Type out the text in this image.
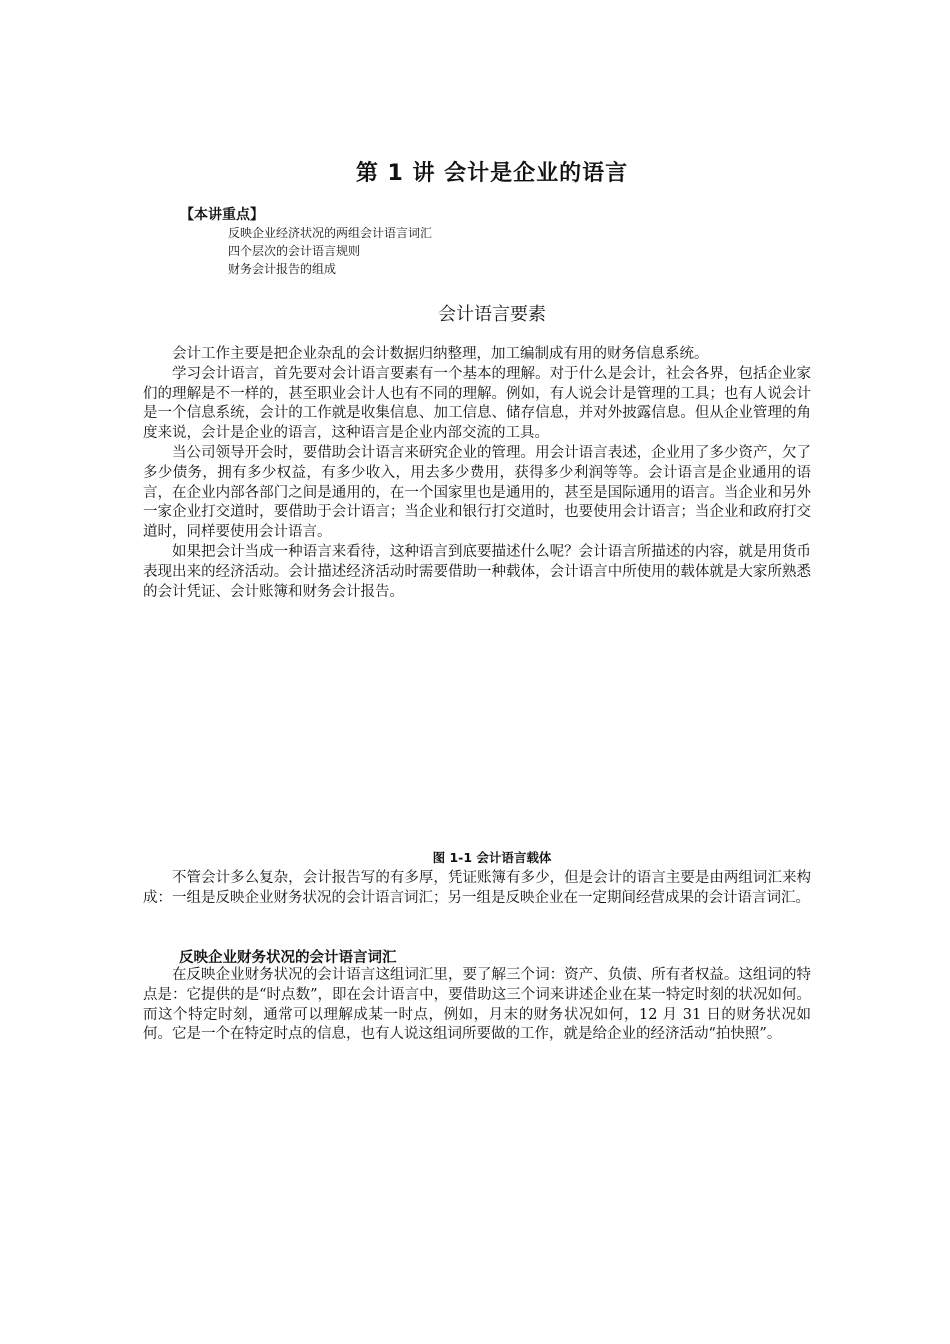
第 1 讲 会计是企业的语言
【本讲重点】
反映企业经济状况的两组会计语言词汇
四个层次的会计语言规则
财务会计报告的组成
会计语言要素

会计工作主要是把企业杂乱的会计数据归纳整理，加工编制成有用的财务信息系统。

学习会计语言，首先要对会计语言要素有一个基本的理解。对于什么是会计，社会各界，包括企业家们的理解是不一样的，甚至职业会计人也有不同的理解。例如，有人说会计是管理的工具；也有人说会计是一个信息系统，会计的工作就是收集信息、加工信息、储存信息，并对外披露信息。但从企业管理的角度来说，会计是企业的语言，这种语言是企业内部交流的工具。

当公司领导开会时，要借助会计语言来研究企业的管理。用会计语言表述，企业用了多少资产，欠了多少债务，拥有多少权益，有多少收入，用去多少费用，获得多少利润等等。会计语言是企业通用的语言，在企业内部各部门之间是通用的，在一个国家里也是通用的，甚至是国际通用的语言。当企业和另外一家企业打交道时，要借助于会计语言；当企业和银行打交道时，也要使用会计语言；当企业和政府打交道时，同样要使用会计语言。

如果把会计当成一种语言来看待，这种语言到底要描述什么呢？会计语言所描述的内容，就是用货币表现出来的经济活动。会计描述经济活动时需要借助一种载体，会计语言中所使用的载体就是大家所熟悉的会计凭证、会计账簿和财务会计报告。

图 1-1 会计语言载体

不管会计多么复杂，会计报告写的有多厚，凭证账簿有多少，但是会计的语言主要是由两组词汇来构成：一组是反映企业财务状况的会计语言词汇；另一组是反映企业在一定期间经营成果的会计语言词汇。

反映企业财务状况的会计语言词汇

在反映企业财务状况的会计语言这组词汇里，要了解三个词：资产、负债、所有者权益。这组词的特点是：它提供的是“时点数”，即在会计语言中，要借助这三个词来讲述企业在某一特定时刻的状况如何。而这个特定时刻，通常可以理解成某一时点，例如，月末的财务状况如何，12 月 31 日的财务状况如何。它是一个在特定时点的信息，也有人说这组词所要做的工作，就是给企业的经济活动“拍快照”。
